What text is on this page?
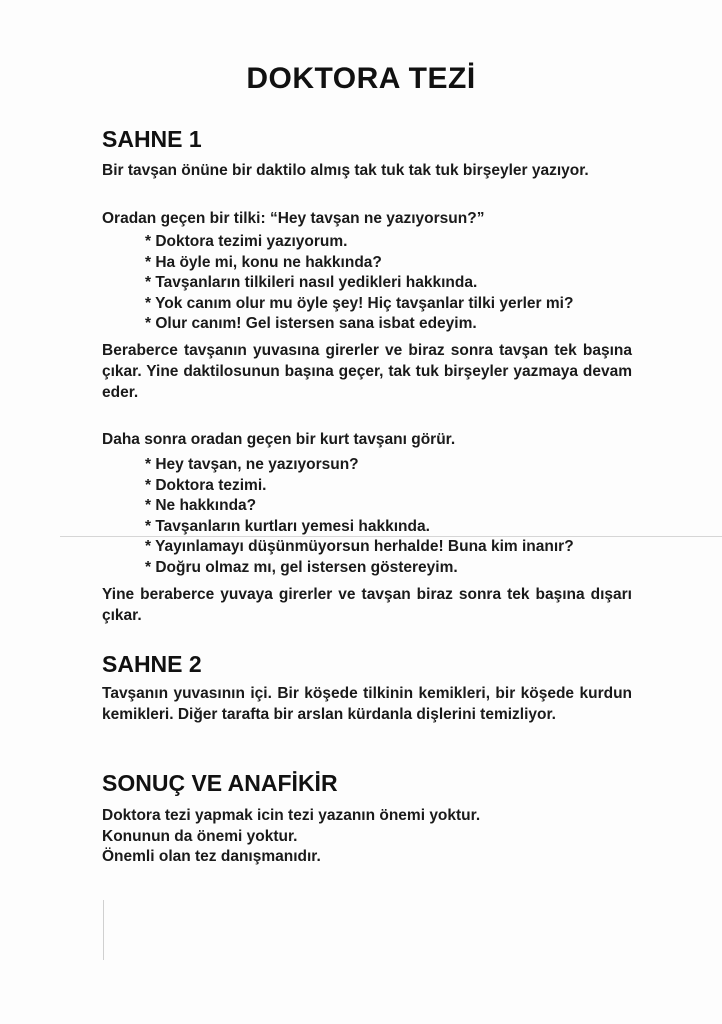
DOKTORA TEZİ
SAHNE 1
Bir tavşan önüne bir daktilo almış tak tuk tak tuk birşeyler yazıyor.
Oradan geçen bir tilki: “Hey tavşan ne yazıyorsun?”
* Doktora tezimi yazıyorum.
* Ha öyle mi, konu ne hakkında?
* Tavşanların tilkileri nasıl yedikleri hakkında.
* Yok canım olur mu öyle şey! Hiç tavşanlar tilki yerler mi?
* Olur canım! Gel istersen sana isbat edeyim.
Beraberce tavşanın yuvasına girerler ve biraz sonra tavşan tek başına çıkar. Yine daktilosunun başına geçer, tak tuk birşeyler yazmaya devam eder.
Daha sonra oradan geçen bir kurt tavşanı görür.
* Hey tavşan, ne yazıyorsun?
* Doktora tezimi.
* Ne hakkında?
* Tavşanların kurtları yemesi hakkında.
* Yayınlamayı düşünmüyorsun herhalde! Buna kim inanır?
* Doğru olmaz mı, gel istersen göstereyim.
Yine beraberce yuvaya girerler ve tavşan biraz sonra tek başına dışarı çıkar.
SAHNE 2
Tavşanın yuvasının içi. Bir köşede tilkinin kemikleri, bir köşede kurdun kemikleri. Diğer tarafta bir arslan kürdanla dişlerini temizliyor.
SONUÇ VE ANAFİKİR
Doktora tezi yapmak icin tezi yazanın önemi yoktur.
Konunun da önemi yoktur.
Önemli olan tez danışmanıdır.
